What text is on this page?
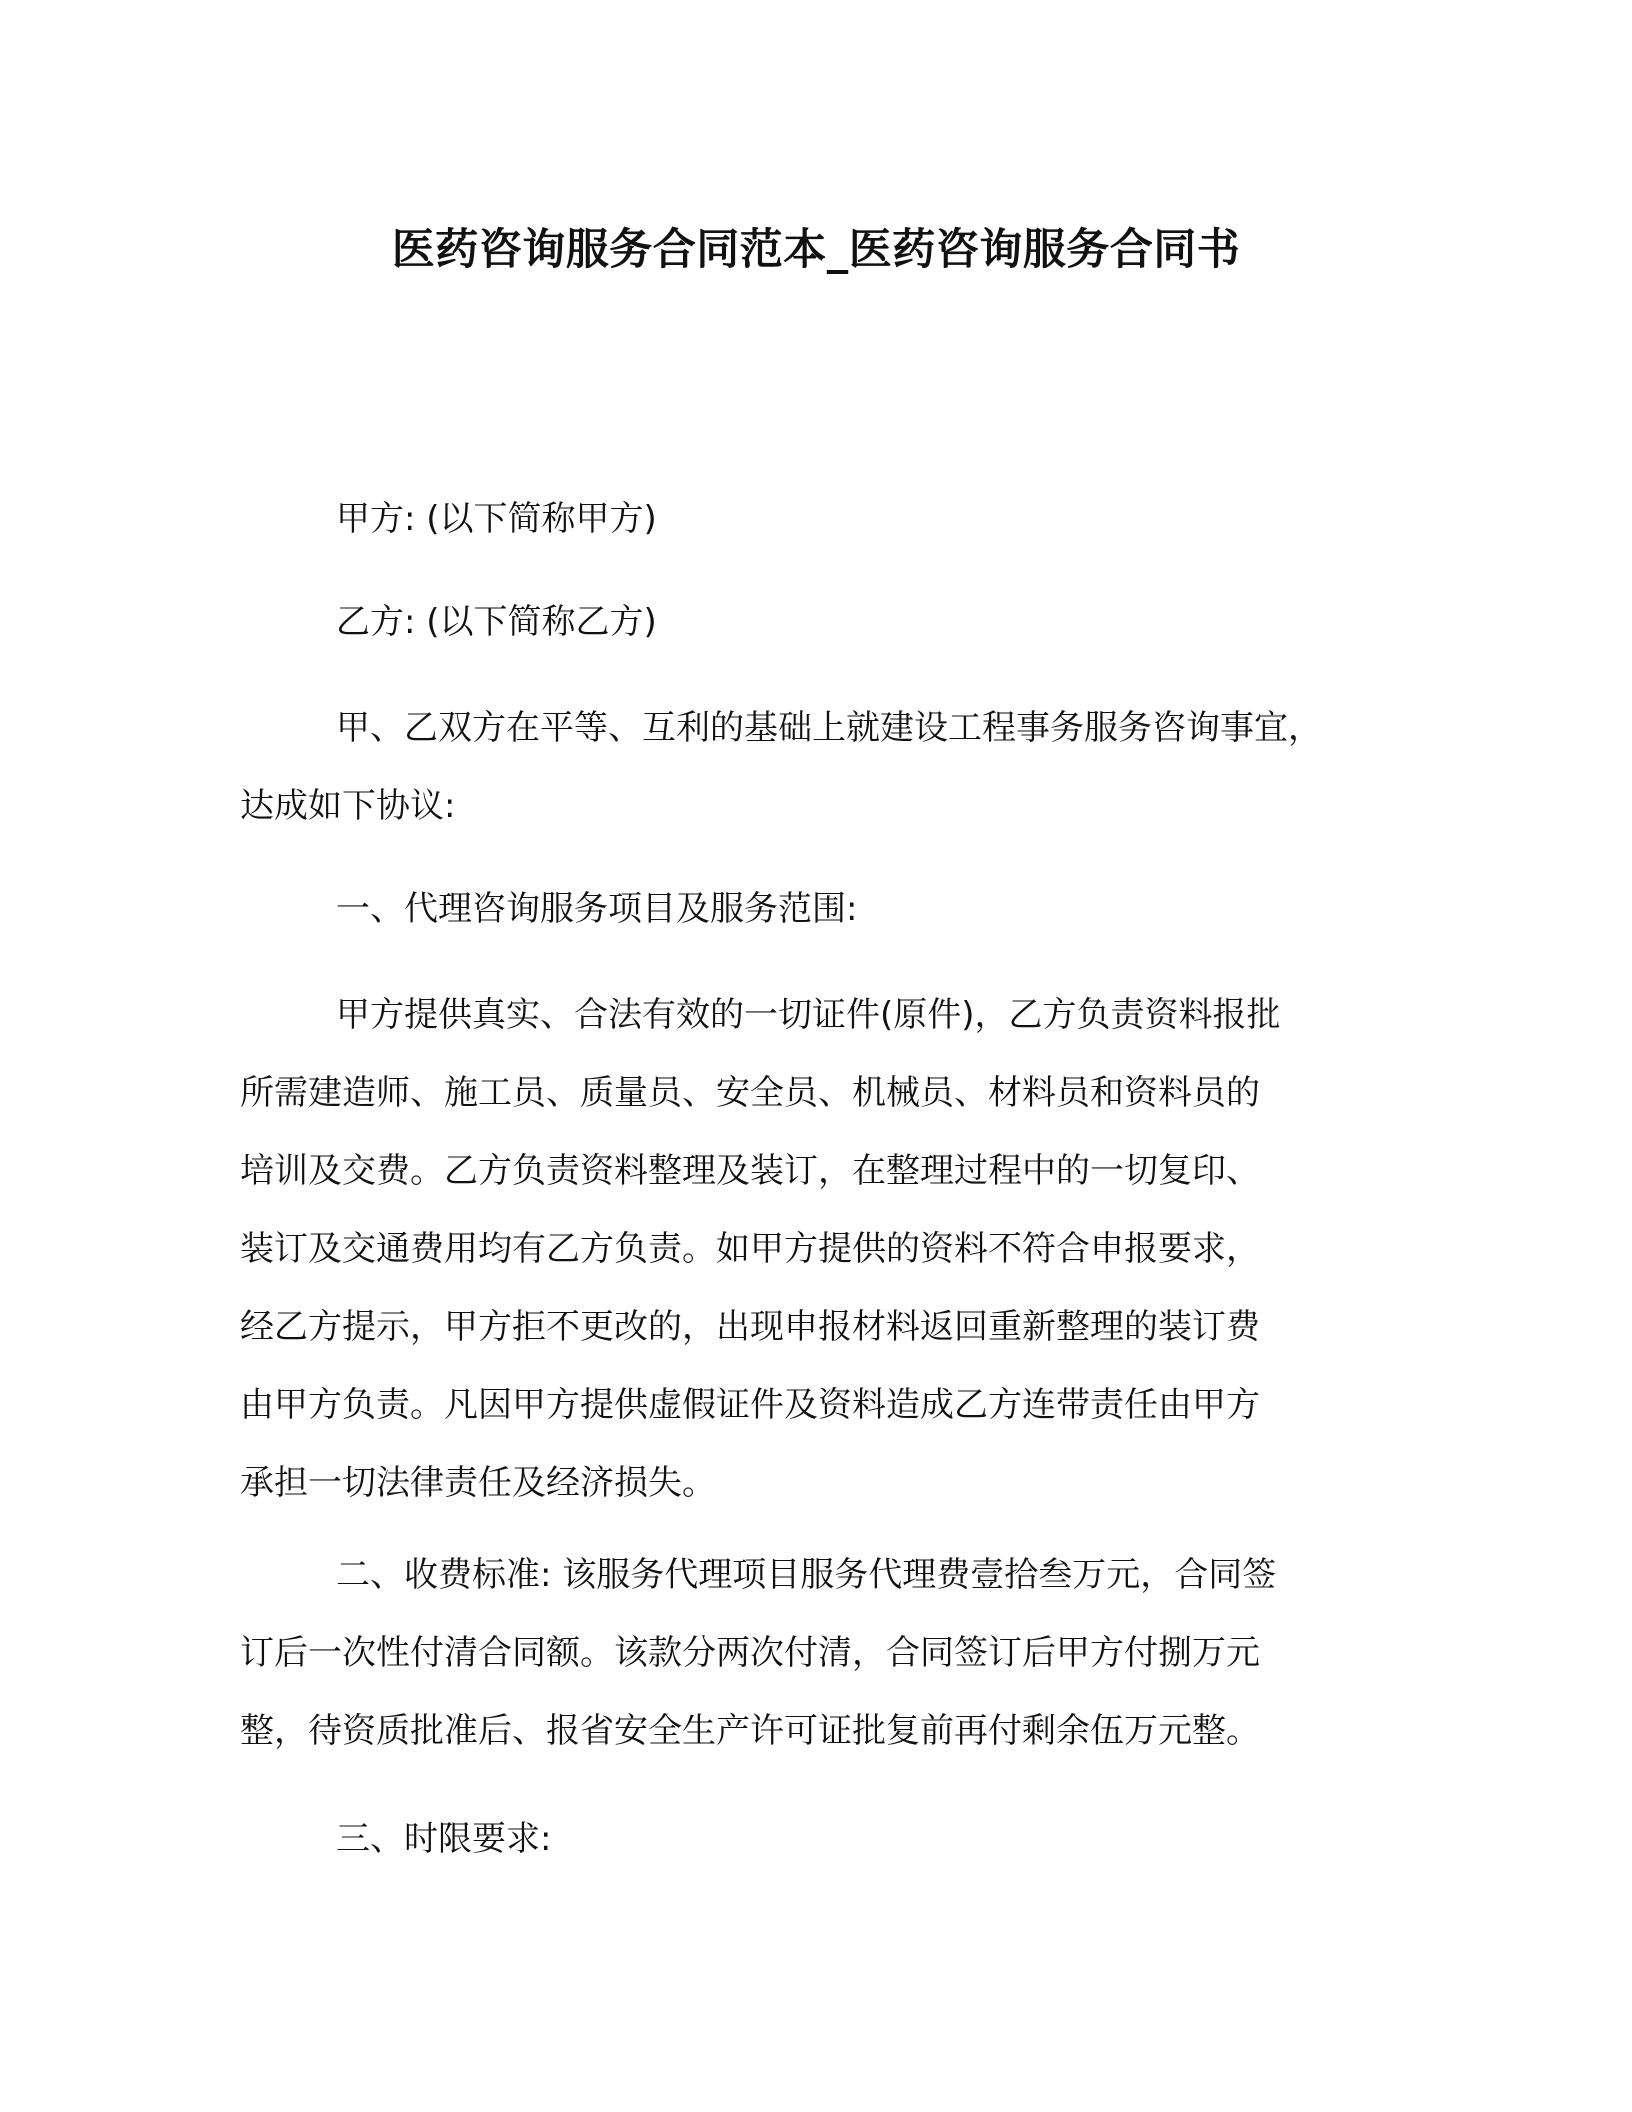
医药咨询服务合同范本_医药咨询服务合同书
甲方: (以下简称甲方)
乙方: (以下简称乙方)
甲、乙双方在平等、互利的基础上就建设工程事务服务咨询事宜，
达成如下协议:
一、代理咨询服务项目及服务范围:
甲方提供真实、合法有效的一切证件(原件)，乙方负责资料报批
所需建造师、施工员、质量员、安全员、机械员、材料员和资料员的
培训及交费。乙方负责资料整理及装订，在整理过程中的一切复印、
装订及交通费用均有乙方负责。如甲方提供的资料不符合申报要求，
经乙方提示，甲方拒不更改的，出现申报材料返回重新整理的装订费
由甲方负责。凡因甲方提供虚假证件及资料造成乙方连带责任由甲方
承担一切法律责任及经济损失。
二、收费标准: 该服务代理项目服务代理费壹拾叁万元，合同签
订后一次性付清合同额。该款分两次付清，合同签订后甲方付捌万元
整，待资质批准后、报省安全生产许可证批复前再付剩余伍万元整。
三、时限要求:
